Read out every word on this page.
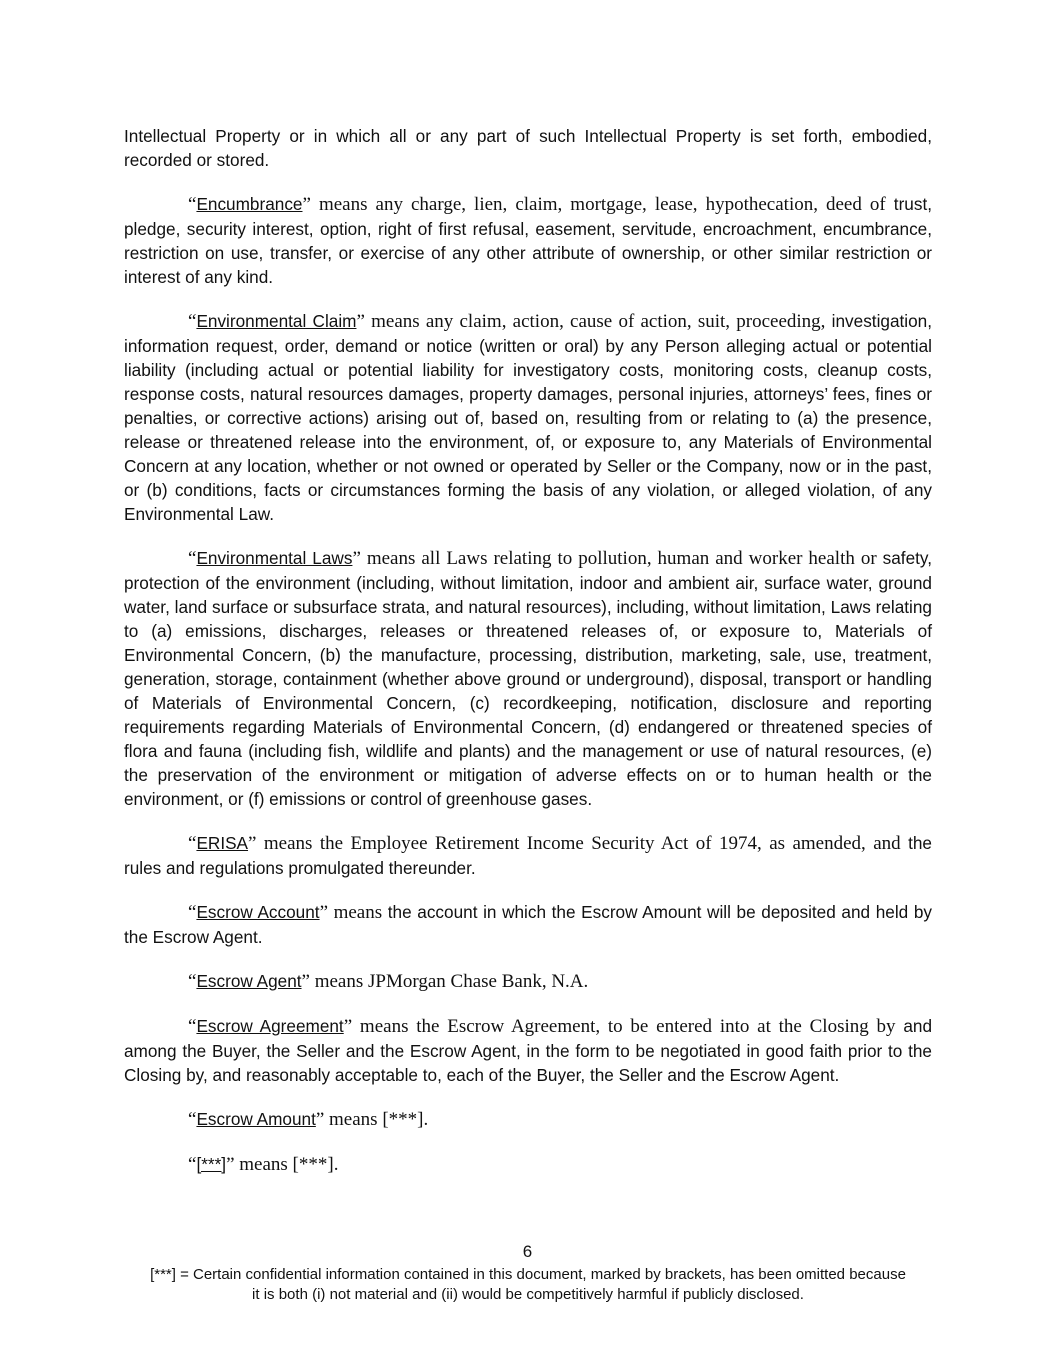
Intellectual Property or in which all or any part of such Intellectual Property is set forth, embodied, recorded or stored.

“Encumbrance” means any charge, lien, claim, mortgage, lease, hypothecation, deed of trust, pledge, security interest, option, right of first refusal, easement, servitude, encroachment, encumbrance, restriction on use, transfer, or exercise of any other attribute of ownership, or other similar restriction or interest of any kind.

“Environmental Claim” means any claim, action, cause of action, suit, proceeding, investigation, information request, order, demand or notice (written or oral) by any Person alleging actual or potential liability (including actual or potential liability for investigatory costs, monitoring costs, cleanup costs, response costs, natural resources damages, property damages, personal injuries, attorneys’ fees, fines or penalties, or corrective actions) arising out of, based on, resulting from or relating to (a) the presence, release or threatened release into the environment, of, or exposure to, any Materials of Environmental Concern at any location, whether or not owned or operated by Seller or the Company, now or in the past, or (b) conditions, facts or circumstances forming the basis of any violation, or alleged violation, of any Environmental Law.

“Environmental Laws” means all Laws relating to pollution, human and worker health or safety, protection of the environment (including, without limitation, indoor and ambient air, surface water, ground water, land surface or subsurface strata, and natural resources), including, without limitation, Laws relating to (a) emissions, discharges, releases or threatened releases of, or exposure to, Materials of Environmental Concern, (b) the manufacture, processing, distribution, marketing, sale, use, treatment, generation, storage, containment (whether above ground or underground), disposal, transport or handling of Materials of Environmental Concern, (c) recordkeeping, notification, disclosure and reporting requirements regarding Materials of Environmental Concern, (d) endangered or threatened species of flora and fauna (including fish, wildlife and plants) and the management or use of natural resources, (e) the preservation of the environment or mitigation of adverse effects on or to human health or the environment, or (f) emissions or control of greenhouse gases.

“ERISA” means the Employee Retirement Income Security Act of 1974, as amended, and the rules and regulations promulgated thereunder.

“Escrow Account” means the account in which the Escrow Amount will be deposited and held by the Escrow Agent.

“Escrow Agent” means JPMorgan Chase Bank, N.A.

“Escrow Agreement” means the Escrow Agreement, to be entered into at the Closing by and among the Buyer, the Seller and the Escrow Agent, in the form to be negotiated in good faith prior to the Closing by, and reasonably acceptable to, each of the Buyer, the Seller and the Escrow Agent.

“Escrow Amount” means [***].

“[***]” means [***].

6
[***] = Certain confidential information contained in this document, marked by brackets, has been omitted because
it is both (i) not material and (ii) would be competitively harmful if publicly disclosed.
